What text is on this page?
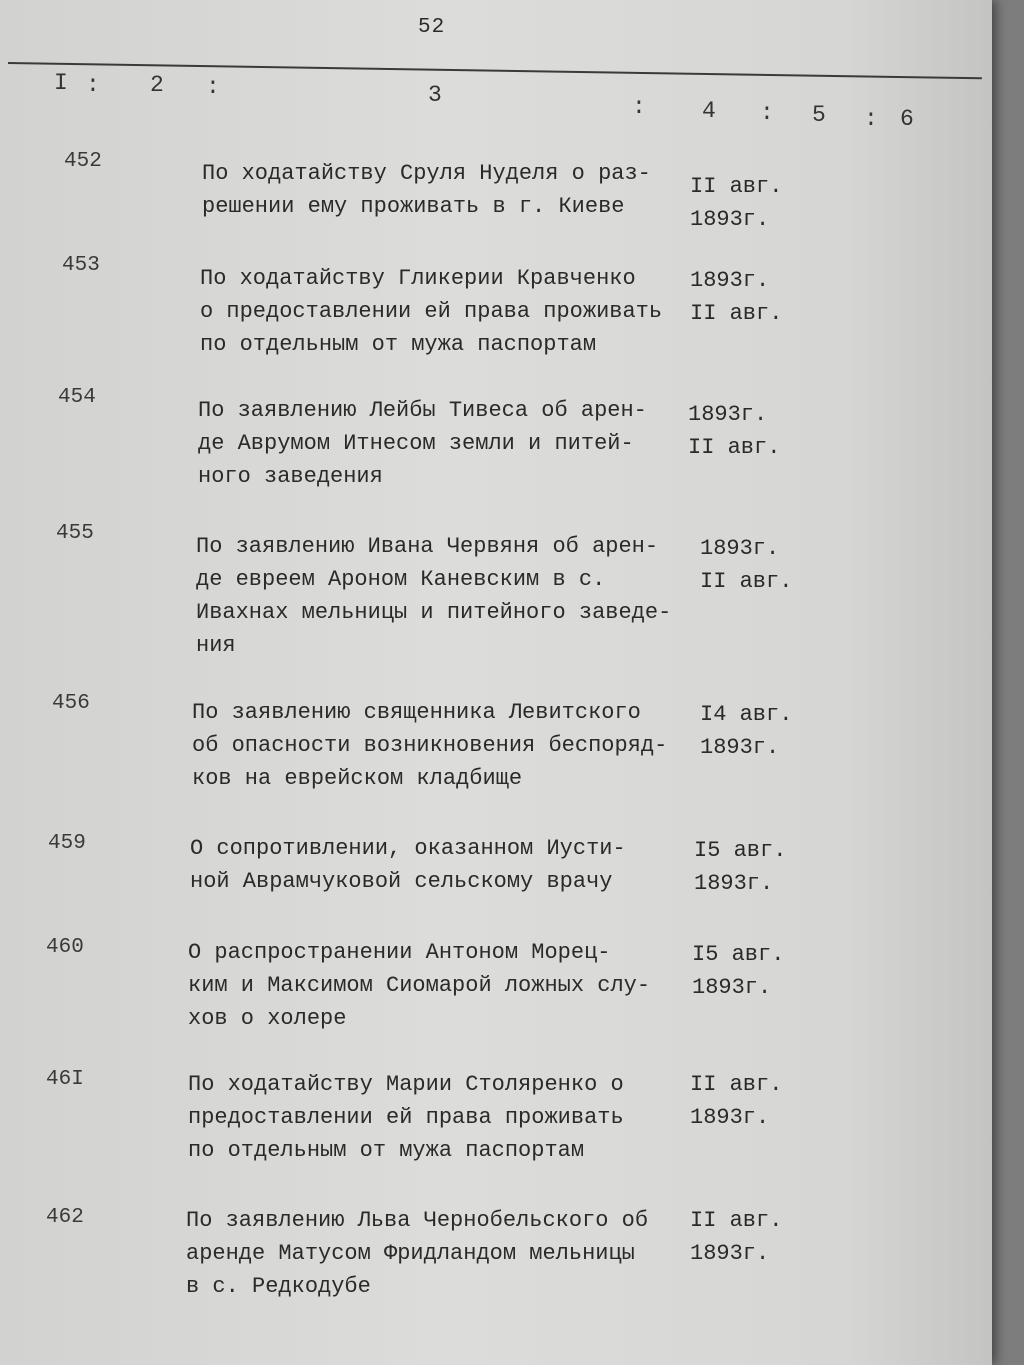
52
I : 2 :	3	: 4 : 5 : 6
452	По ходатайству Сруля Нуделя о раз-
решении ему проживать в г. Киеве
II авг.
1893г.
453
По ходатайству Гликерии Кравченко
о предоставлении ей права проживать
по отдельным от мужа паспортам
1893г.
II авг.
454
По заявлению Лейбы Тивеса об арен-
де Аврумом Итнесом земли и питей-
ного заведения
1893г.
II авг.
455
По заявлению Ивана Червяня об арен-
де евреем Ароном Каневским в с.
Ивахнах мельницы и питейного заведе-
ния
1893г.
II авг.
456	По заявлению священника Левитского
об опасности возникновения беспоряд-
ков на еврейском кладбище
I4 авг.
1893г.
459	О сопротивлении, оказанном Иусти-
ной Аврамчуковой сельскому врачу
I5 авг.
1893г.
460	О распространении Антоном Морец-
ким и Максимом Сиомарой ложных слу-
хов о холере
I5 авг.
1893г.
46I	По ходатайству Марии Столяренко о
предоставлении ей права проживать
по отдельным от мужа паспортам
II авг.
1893г.
462	По заявлению Льва Чернобельского об
аренде Матусом Фридландом мельницы
в с. Редкодубе
II авг.
1893г.
